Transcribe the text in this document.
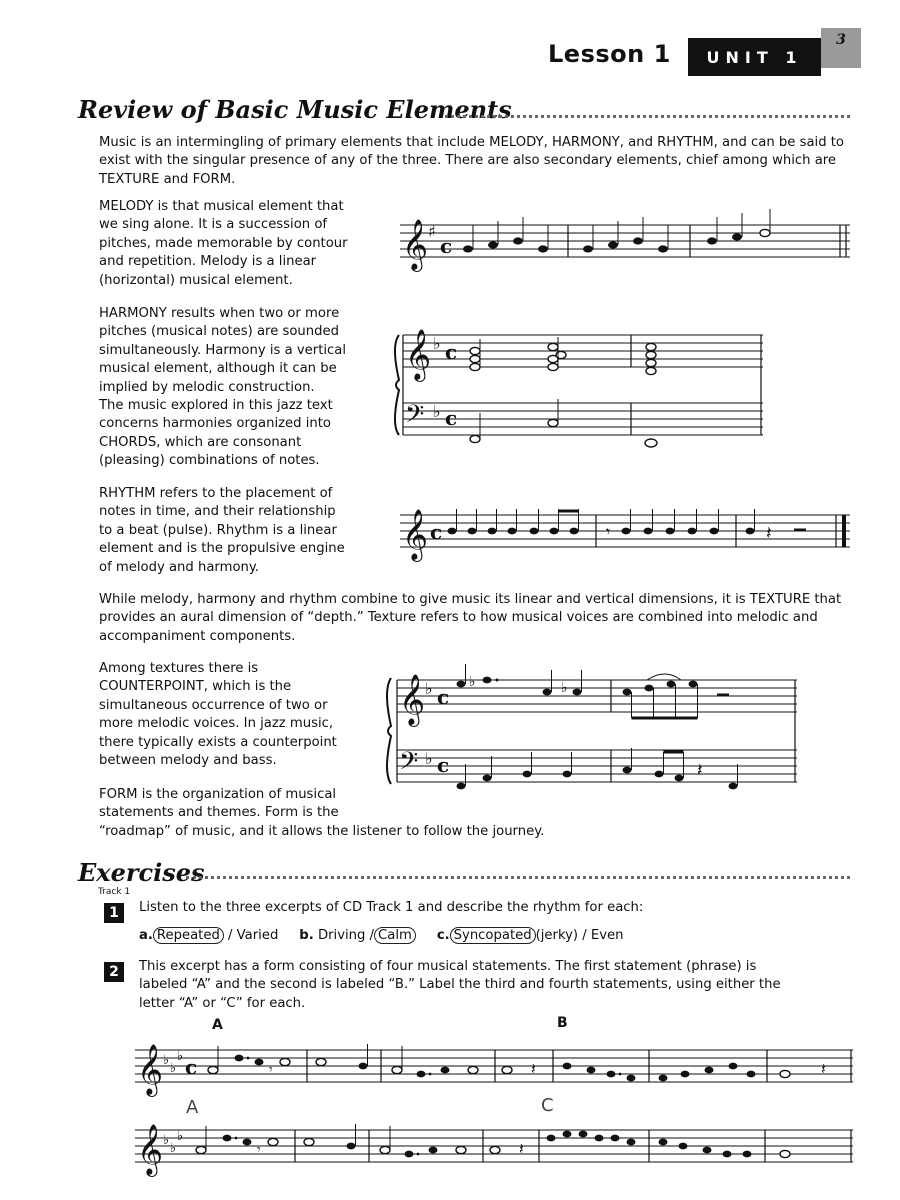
Lesson 1	UNIT 1
3
Review of Basic Music Elements

Music is an intermingling of primary elements that include MELODY, HARMONY, and RHYTHM, and can be said to exist with the singular presence of any of the three. There are also secondary elements, chief among which are TEXTURE and FORM.

MELODY is that musical element that

we sing alone. It is a succession of

pitches, made memorable by contour

and repetition. Melody is a linear

(horizontal) musical element.

𝄞 ♯
c

HARMONY results when two or more

pitches (musical notes) are sounded

simultaneously. Harmony is a vertical

musical element, although it can be

implied by melodic construction.

The music explored in this jazz text

concerns harmonies organized into

CHORDS, which are consonant

(pleasing) combinations of notes.

𝄞 ♭ c
𝄢 ♭ c

RHYTHM refers to the placement of

notes in time, and their relationship

to a beat (pulse). Rhythm is a linear

element and is the propulsive engine

of melody and harmony.

𝄞 c	𝄾	𝄽

While melody, harmony and rhythm combine to give music its linear and vertical dimensions, it is TEXTURE that provides an aural dimension of “depth.” Texture refers to how musical voices are combined into melodic and accompaniment components.

Among textures there is

COUNTERPOINT, which is the

simultaneous occurrence of two or

more melodic voices. In jazz music,

there typically exists a counterpoint

between melody and bass.

𝄞 ♭ c
♭	♭
𝄢 ♭ c	𝄽

FORM is the organization of musical

statements and themes. Form is the

“roadmap” of music, and it allows the listener to follow the journey.

Exercises
Track 1
1	Listen to the three excerpts of CD Track 1 and describe the rhythm for each:
a. Repeated / Varied b. Driving / Calm c. Syncopated (jerky) / Even
2	This excerpt has a form consisting of four musical statements. The first statement (phrase) is

labeled “A” and the second is labeled “B.” Label the third and fourth statements, using either the

letter “A” or “C” for each.

A	B
𝄞 ♭
♭
♭ c	𝄾	𝄽	𝄽
A	C
𝄞 ♭
♭
♭
𝄾	𝄽
